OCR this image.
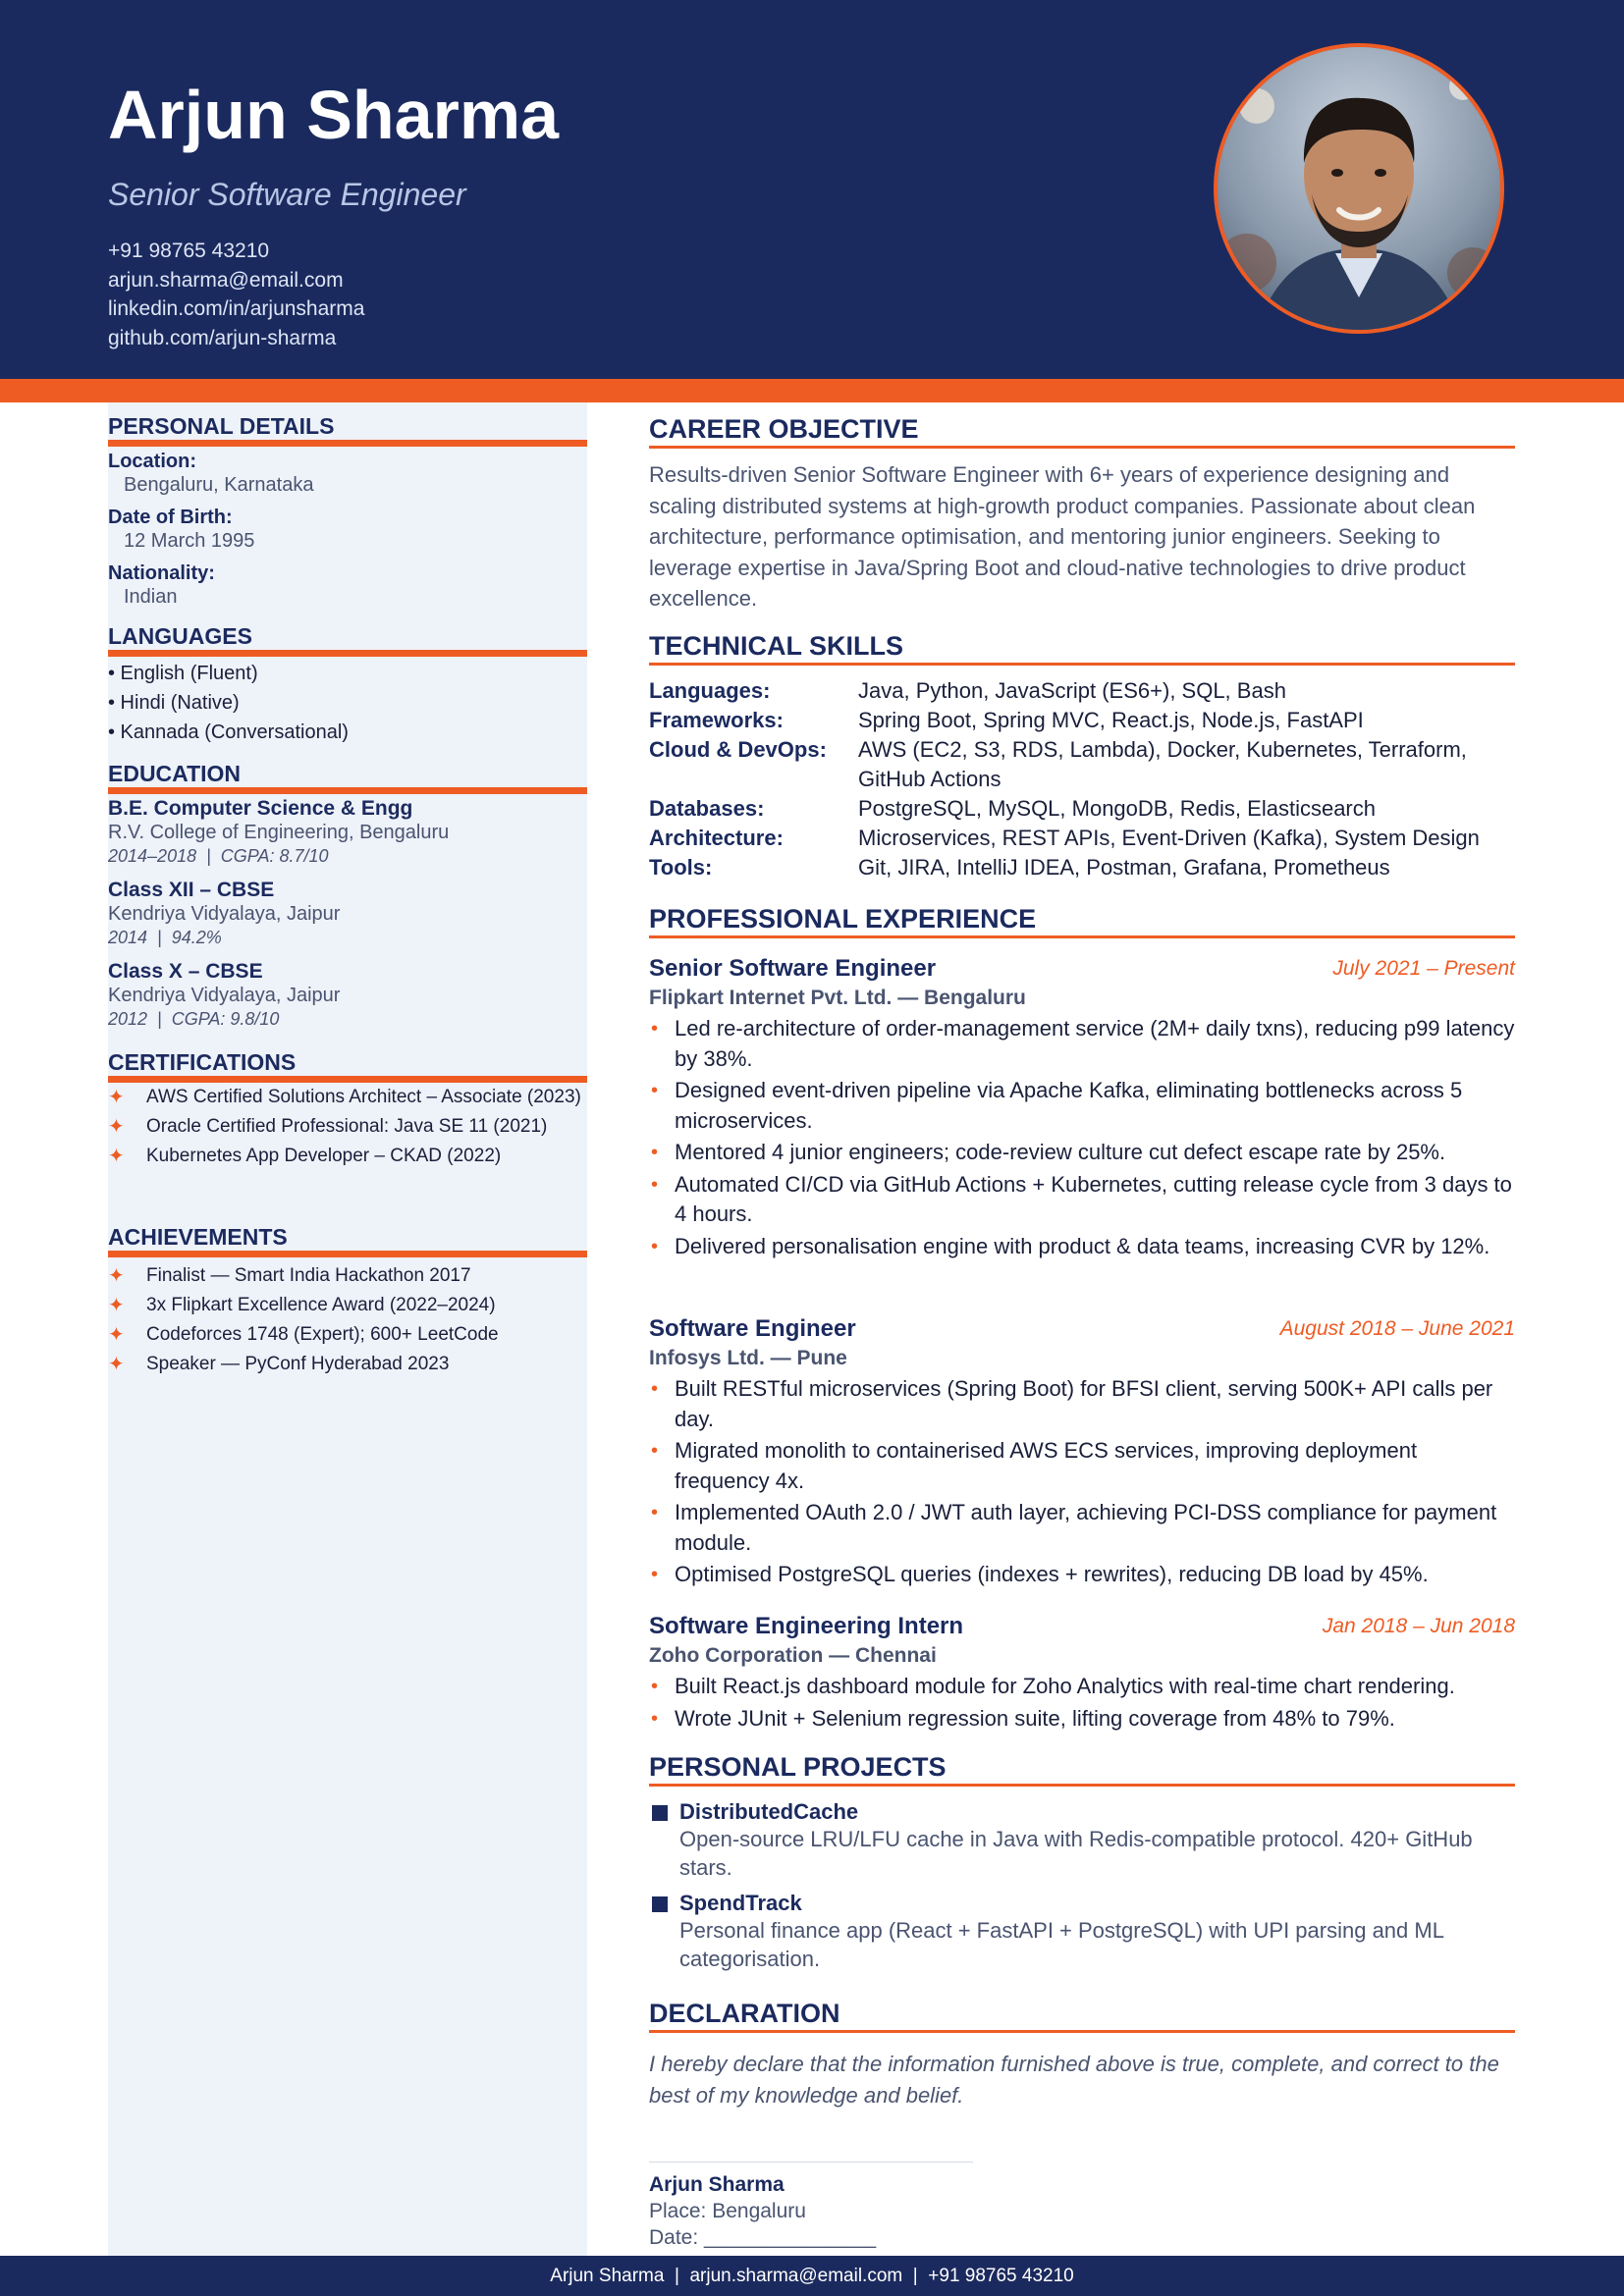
Arjun Sharma
Senior Software Engineer
+91 98765 43210
arjun.sharma@email.com
linkedin.com/in/arjunsharma
github.com/arjun-sharma
PERSONAL DETAILS
Location:
Bengaluru, Karnataka
Date of Birth:
12 March 1995
Nationality:
Indian
LANGUAGES
• English (Fluent)
• Hindi (Native)
• Kannada (Conversational)
EDUCATION
B.E. Computer Science & Engg
R.V. College of Engineering, Bengaluru
2014–2018  |  CGPA: 8.7/10
Class XII – CBSE
Kendriya Vidyalaya, Jaipur
2014  |  94.2%
Class X – CBSE
Kendriya Vidyalaya, Jaipur
2012  |  CGPA: 9.8/10
CERTIFICATIONS
✦ AWS Certified Solutions Architect – Associate (2023)
✦ Oracle Certified Professional: Java SE 11 (2021)
✦ Kubernetes App Developer – CKAD (2022)
ACHIEVEMENTS
✦ Finalist — Smart India Hackathon 2017
✦ 3x Flipkart Excellence Award (2022–2024)
✦ Codeforces 1748 (Expert); 600+ LeetCode
✦ Speaker — PyConf Hyderabad 2023
CAREER OBJECTIVE
Results-driven Senior Software Engineer with 6+ years of experience designing and scaling distributed systems at high-growth product companies. Passionate about clean architecture, performance optimisation, and mentoring junior engineers. Seeking to leverage expertise in Java/Spring Boot and cloud-native technologies to drive product excellence.
TECHNICAL SKILLS
Languages:	Java, Python, JavaScript (ES6+), SQL, Bash
Frameworks:	Spring Boot, Spring MVC, React.js, Node.js, FastAPI
Cloud & DevOps:	AWS (EC2, S3, RDS, Lambda), Docker, Kubernetes, Terraform, GitHub Actions
Databases:	PostgreSQL, MySQL, MongoDB, Redis, Elasticsearch
Architecture:	Microservices, REST APIs, Event-Driven (Kafka), System Design
Tools:	Git, JIRA, IntelliJ IDEA, Postman, Grafana, Prometheus
PROFESSIONAL EXPERIENCE
Senior Software Engineer	July 2021 – Present
Flipkart Internet Pvt. Ltd. — Bengaluru
• Led re-architecture of order-management service (2M+ daily txns), reducing p99 latency by 38%.
• Designed event-driven pipeline via Apache Kafka, eliminating bottlenecks across 5 microservices.
• Mentored 4 junior engineers; code-review culture cut defect escape rate by 25%.
• Automated CI/CD via GitHub Actions + Kubernetes, cutting release cycle from 3 days to 4 hours.
• Delivered personalisation engine with product & data teams, increasing CVR by 12%.
Software Engineer	August 2018 – June 2021
Infosys Ltd. — Pune
• Built RESTful microservices (Spring Boot) for BFSI client, serving 500K+ API calls per day.
• Migrated monolith to containerised AWS ECS services, improving deployment frequency 4x.
• Implemented OAuth 2.0 / JWT auth layer, achieving PCI-DSS compliance for payment module.
• Optimised PostgreSQL queries (indexes + rewrites), reducing DB load by 45%.
Software Engineering Intern	Jan 2018 – Jun 2018
Zoho Corporation — Chennai
• Built React.js dashboard module for Zoho Analytics with real-time chart rendering.
• Wrote JUnit + Selenium regression suite, lifting coverage from 48% to 79%.
PERSONAL PROJECTS
DistributedCache
Open-source LRU/LFU cache in Java with Redis-compatible protocol. 420+ GitHub stars.
SpendTrack
Personal finance app (React + FastAPI + PostgreSQL) with UPI parsing and ML categorisation.
DECLARATION
I hereby declare that the information furnished above is true, complete, and correct to the best of my knowledge and belief.
Arjun Sharma
Place: Bengaluru
Date: _______________
Arjun Sharma  |  arjun.sharma@email.com  |  +91 98765 43210
